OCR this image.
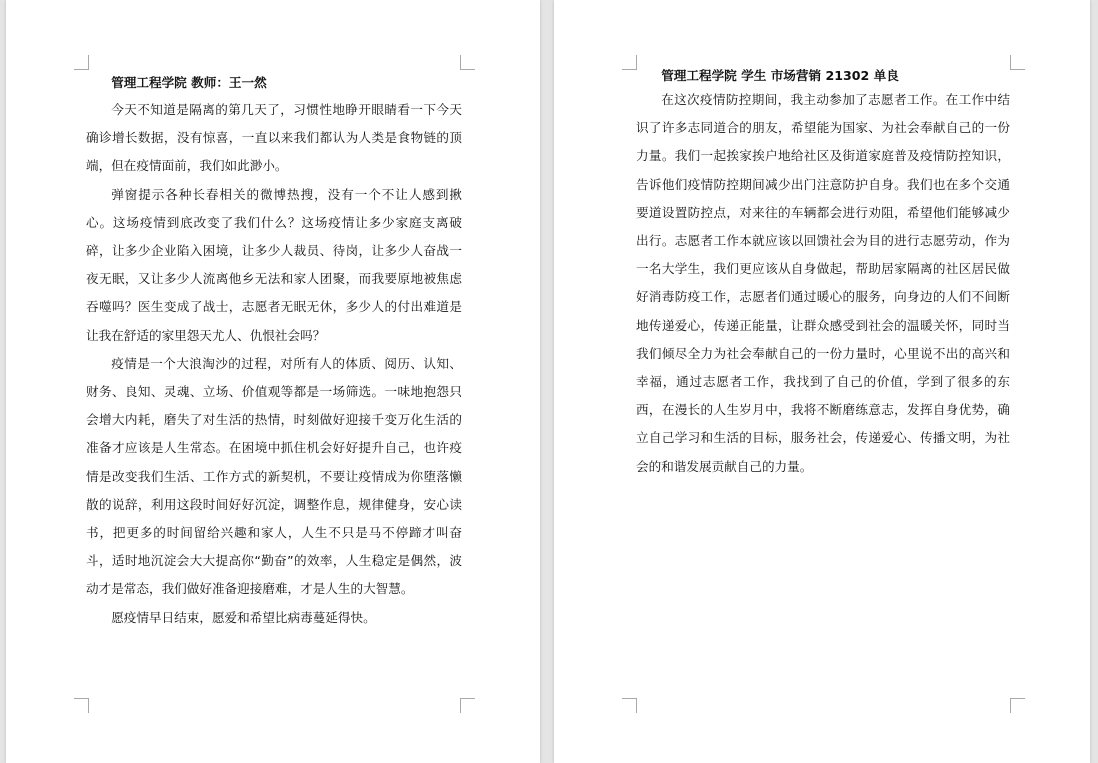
管理工程学院 教师：王一然

今天不知道是隔离的第几天了，习惯性地睁开眼睛看一下今天确诊增长数据，没有惊喜，一直以来我们都认为人类是食物链的顶端，但在疫情面前，我们如此渺小。

弹窗提示各种长春相关的微博热搜，没有一个不让人感到揪心。这场疫情到底改变了我们什么？这场疫情让多少家庭支离破碎，让多少企业陷入困境，让多少人裁员、待岗，让多少人奋战一夜无眠，又让多少人流离他乡无法和家人团聚，而我要原地被焦虑吞噬吗？医生变成了战士，志愿者无眠无休，多少人的付出难道是让我在舒适的家里怨天尤人、仇恨社会吗？

疫情是一个大浪淘沙的过程，对所有人的体质、阅历、认知、财务、良知、灵魂、立场、价值观等都是一场筛选。一味地抱怨只会增大内耗，磨失了对生活的热情，时刻做好迎接千变万化生活的准备才应该是人生常态。在困境中抓住机会好好提升自己，也许疫情是改变我们生活、工作方式的新契机，不要让疫情成为你堕落懒散的说辞，利用这段时间好好沉淀，调整作息，规律健身，安心读书，把更多的时间留给兴趣和家人，人生不只是马不停蹄才叫奋斗，适时地沉淀会大大提高你“勤奋”的效率，人生稳定是偶然，波动才是常态，我们做好准备迎接磨难，才是人生的大智慧。

愿疫情早日结束，愿爱和希望比病毒蔓延得快。

管理工程学院 学生 市场营销 21302 单良

在这次疫情防控期间，我主动参加了志愿者工作。在工作中结识了许多志同道合的朋友，希望能为国家、为社会奉献自己的一份力量。我们一起挨家挨户地给社区及街道家庭普及疫情防控知识，告诉他们疫情防控期间减少出门注意防护自身。我们也在多个交通要道设置防控点，对来往的车辆都会进行劝阻，希望他们能够减少出行。志愿者工作本就应该以回馈社会为目的进行志愿劳动，作为一名大学生，我们更应该从自身做起，帮助居家隔离的社区居民做好消毒防疫工作，志愿者们通过暖心的服务，向身边的人们不间断地传递爱心，传递正能量，让群众感受到社会的温暖关怀，同时当我们倾尽全力为社会奉献自己的一份力量时，心里说不出的高兴和幸福，通过志愿者工作，我找到了自己的价值，学到了很多的东西，在漫长的人生岁月中，我将不断磨练意志，发挥自身优势，确立自己学习和生活的目标，服务社会，传递爱心、传播文明，为社会的和谐发展贡献自己的力量。
